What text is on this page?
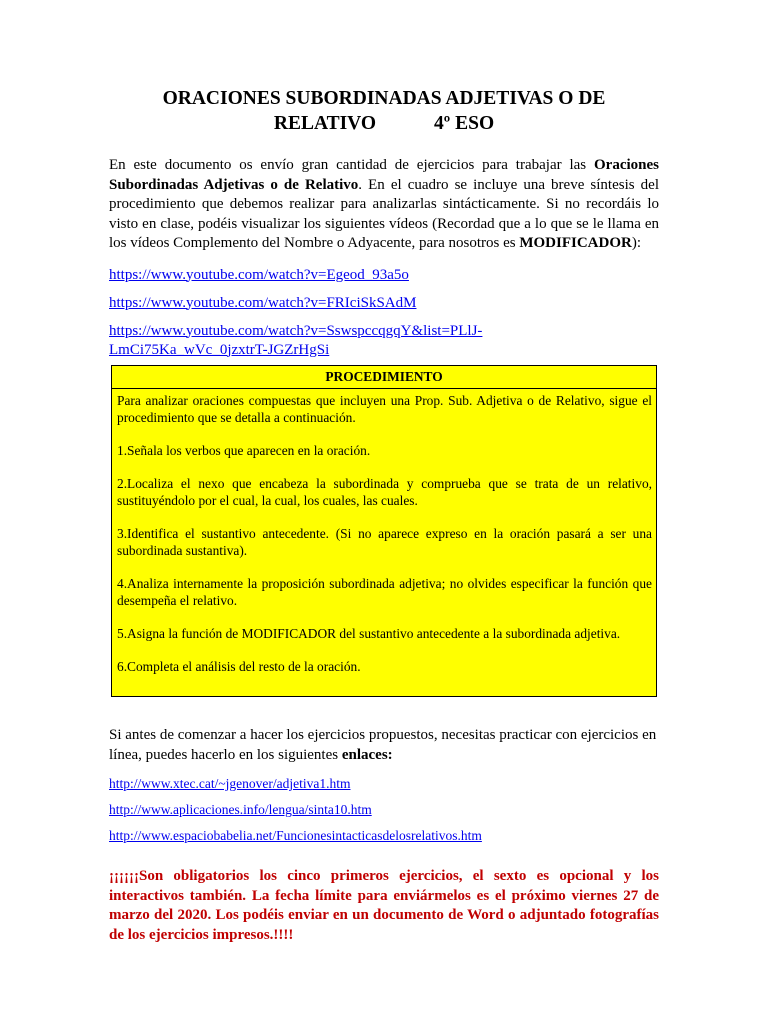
ORACIONES SUBORDINADAS ADJETIVAS O DE
RELATIVO	4º ESO

En este documento os envío gran cantidad de ejercicios para trabajar las Oraciones Subordinadas Adjetivas o de Relativo. En el cuadro se incluye una breve síntesis del procedimiento que debemos realizar para analizarlas sintácticamente. Si no recordáis lo visto en clase, podéis visualizar los siguientes vídeos (Recordad que a lo que se le llama en los vídeos Complemento del Nombre o Adyacente, para nosotros es MODIFICADOR):

https://www.youtube.com/watch?v=Egeod_93a5o
https://www.youtube.com/watch?v=FRIciSkSAdM
https://www.youtube.com/watch?v=SswspccqgqY&list=PLlJ-LmCi75Ka_wVc_0jzxtrT-JGZrHgSi
PROCEDIMIENTO

Para analizar oraciones compuestas que incluyen una Prop. Sub. Adjetiva o de Relativo, sigue el procedimiento que se detalla a continuación.

1.Señala los verbos que aparecen en la oración.

2.Localiza el nexo que encabeza la subordinada y comprueba que se trata de un relativo, sustituyéndolo por el cual, la cual, los cuales, las cuales.

3.Identifica el sustantivo antecedente. (Si no aparece expreso en la oración pasará a ser una subordinada sustantiva).

4.Analiza internamente la proposición subordinada adjetiva; no olvides especificar la función que desempeña el relativo.

5.Asigna la función de MODIFICADOR del sustantivo antecedente a la subordinada adjetiva.

6.Completa el análisis del resto de la oración.

Si antes de comenzar a hacer los ejercicios propuestos, necesitas practicar con ejercicios en línea, puedes hacerlo en los siguientes enlaces:

http://www.xtec.cat/~jgenover/adjetiva1.htm
http://www.aplicaciones.info/lengua/sinta10.htm
http://www.espaciobabelia.net/Funcionesintacticasdelosrelativos.htm

¡¡¡¡¡¡Son obligatorios los cinco primeros ejercicios, el sexto es opcional y los interactivos también. La fecha límite para enviármelos es el próximo viernes 27 de marzo del 2020. Los podéis enviar en un documento de Word o adjuntado fotografías de los ejercicios impresos.!!!!
